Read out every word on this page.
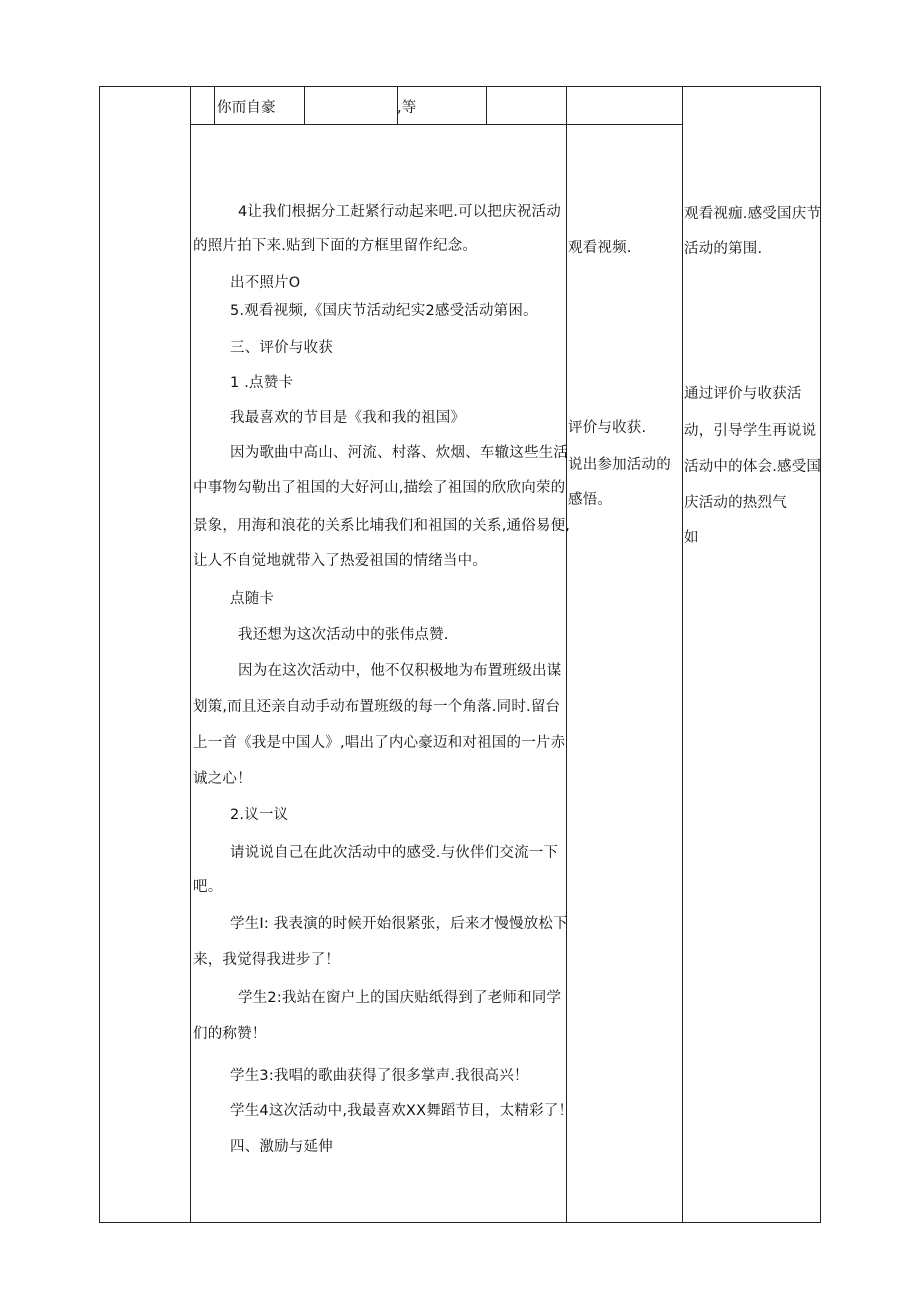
你而自豪	,等
4让我们根据分工赶紧行动起来吧.可以把庆祝活动
的照片拍下来.贴到下面的方框里留作纪念。
出不照片O
5.观看视频,《国庆节活动纪实2感受活动第困。
三、评价与收获
1 .点赞卡
我最喜欢的节目是《我和我的祖国》
因为歌曲中高山、河流、村落、炊烟、车辙这些生活
中事物勾勒出了祖国的大好河山,描绘了祖国的欣欣向荣的
景象，用海和浪花的关系比埔我们和祖国的关系,通俗易便,
让人不自觉地就带入了热爱祖国的情绪当中。
点随卡
我还想为这次活动中的张伟点赞.
因为在这次活动中，他不仅积极地为布置班级出谋
划策,而且还亲自动手动布置班级的每一个角落.同时.留台
上一首《我是中国人》,唱出了内心豪迈和对祖国的一片赤
诚之心！
2.议一议
请说说自己在此次活动中的感受.与伙伴们交流一下
吧。
学生I: 我表演的时候开始很紧张，后来才慢慢放松下
来，我觉得我进步了！
学生2:我站在窗户上的国庆贴纸得到了老师和同学
们的称赞！
学生3:我唱的歌曲获得了很多掌声.我很高兴！
学生4这次活动中,我最喜欢XX舞蹈节目，太精彩了！
四、激励与延伸
观看视频.
评价与收获.
说出参加活动的
感悟。
观看视痂.感受国庆节
活动的第围.
通过评价与收获活
动，引导学生再说说
活动中的体会.感受国
庆活动的热烈气
如
